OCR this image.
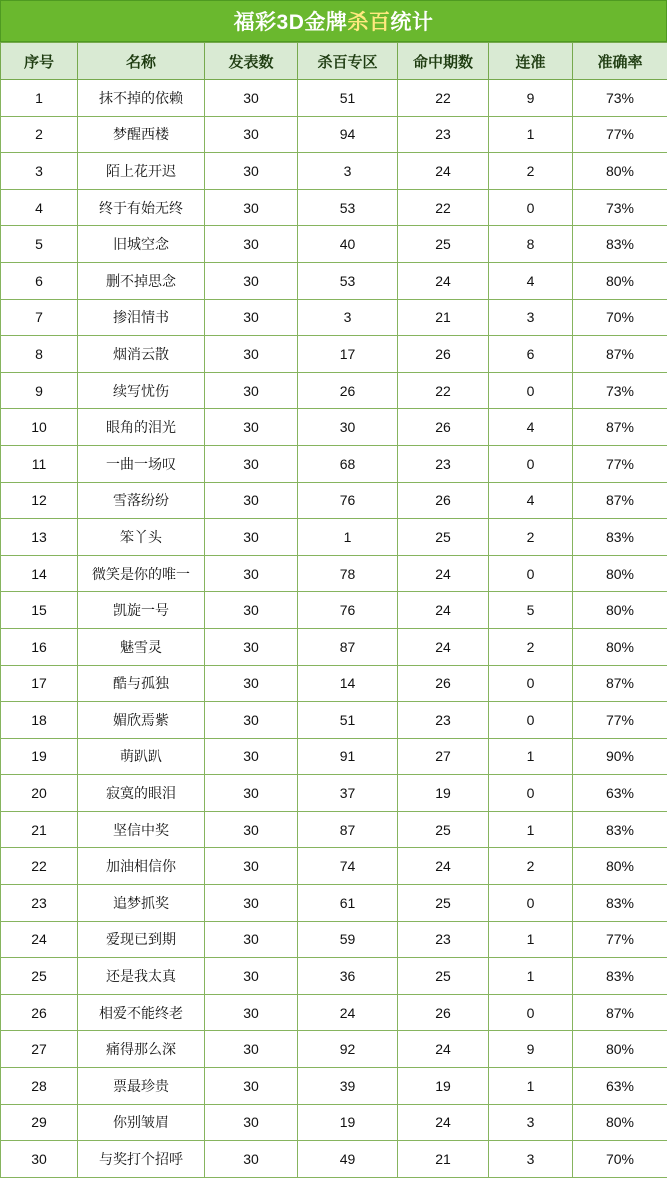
福彩3D金牌杀百统计
序号	名称	发表数	杀百专区	命中期数	连准	准确率
1	抹不掉的依赖	30	51	22	9	73%
2	梦醒西楼	30	94	23	1	77%
3	陌上花开迟	30	3	24	2	80%
4	终于有始无终	30	53	22	0	73%
5	旧城空念	30	40	25	8	83%
6	删不掉思念	30	53	24	4	80%
7	掺泪情书	30	3	21	3	70%
8	烟消云散	30	17	26	6	87%
9	续写忧伤	30	26	22	0	73%
10	眼角的泪光	30	30	26	4	87%
11	一曲一场叹	30	68	23	0	77%
12	雪落纷纷	30	76	26	4	87%
13	笨丫头	30	1	25	2	83%
14	微笑是你的唯一	30	78	24	0	80%
15	凯旋一号	30	76	24	5	80%
16	魅雪灵	30	87	24	2	80%
17	酷与孤独	30	14	26	0	87%
18	媚欣焉紫	30	51	23	0	77%
19	萌趴趴	30	91	27	1	90%
20	寂寞的眼泪	30	37	19	0	63%
21	坚信中奖	30	87	25	1	83%
22	加油相信你	30	74	24	2	80%
23	追梦抓奖	30	61	25	0	83%
24	爱现已到期	30	59	23	1	77%
25	还是我太真	30	36	25	1	83%
26	相爱不能终老	30	24	26	0	87%
27	痛得那么深	30	92	24	9	80%
28	票最珍贵	30	39	19	1	63%
29	你别皱眉	30	19	24	3	80%
30	与奖打个招呼	30	49	21	3	70%
